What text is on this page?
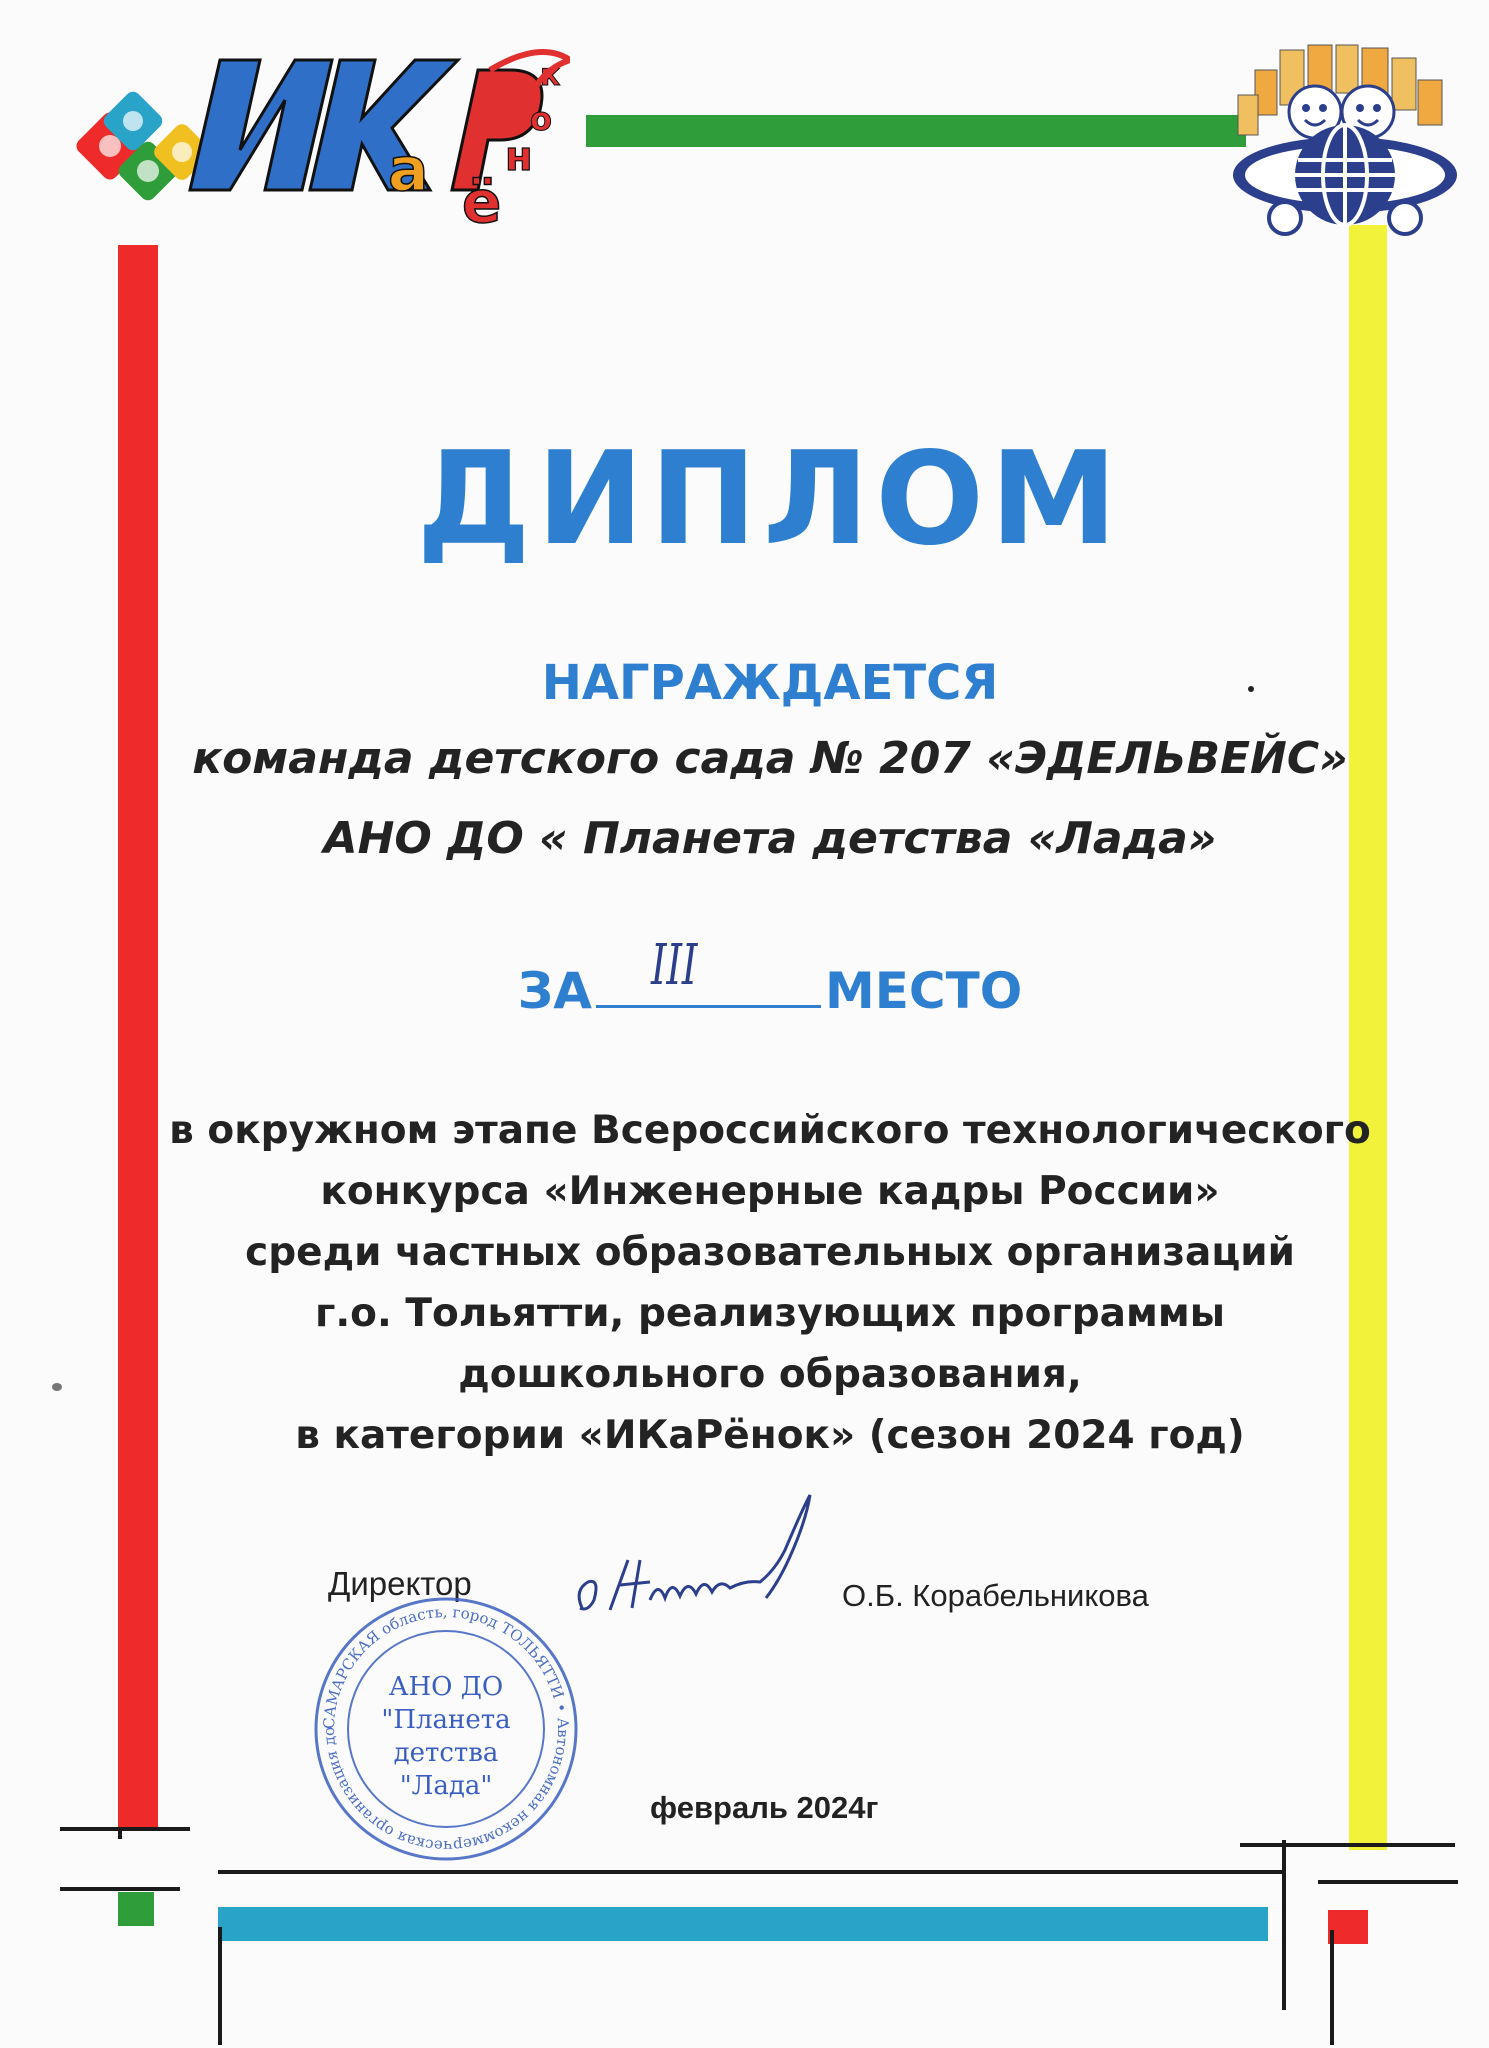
а ё
н
о
к
ДИПЛОМ
НАГРАЖДАЕТСЯ
команда детского сада № 207 «ЭДЕЛЬВЕЙС»
АНО ДО « Планета детства «Лада»
ЗА III	МЕСТО
в окружном этапе Всероссийского технологического
конкурса «Инженерные кадры России»
среди частных образовательных организаций
г.о. Тольятти, реализующих программы
дошкольного образования,
в категории «ИКаРёнок» (сезон 2024 год)
Директор	О.Б. Корабельникова
САМАРСКАЯ область, город ТОЛЬЯТТИ • Автономная некоммерческая организация до
АНО ДО
"Планета
детства
"Лада"
февраль 2024г
